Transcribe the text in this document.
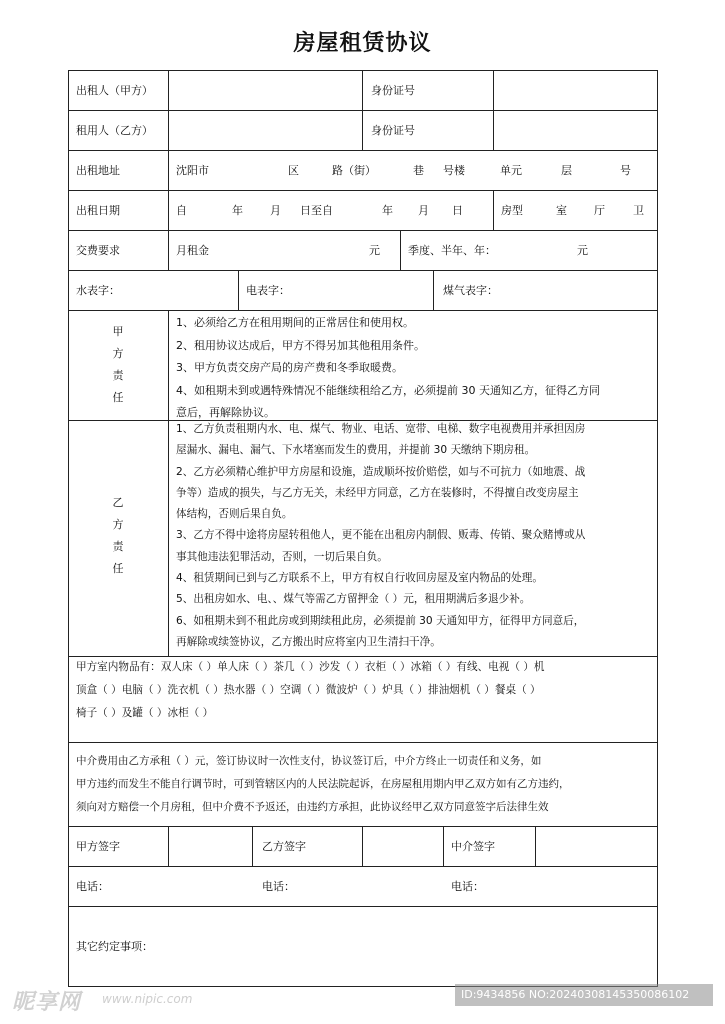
房屋租赁协议
出租人（甲方）	身份证号
租用人（乙方）	身份证号
出租地址	沈阳市	区	路（街）	巷 号楼	单元	层	号
出租日期	自	年 月 日至自	年 月 日	房型	室 厅	卫
交费要求	月租金	元	季度、半年、年：	元
水表字：	电表字：	煤气表字：
甲
方
责
任
1、必须给乙方在租用期间的正常居住和使用权。
2、租用协议达成后，甲方不得另加其他租用条件。
3、甲方负责交房产局的房产费和冬季取暖费。
4、如租期未到或遇特殊情况不能继续租给乙方，必须提前 30 天通知乙方，征得乙方同
意后，再解除协议。
乙
方
责
任
1、乙方负责租期内水、电、煤气、物业、电话、宽带、电梯、数字电视费用并承担因房
屋漏水、漏电、漏气、下水堵塞而发生的费用，并提前 30 天缴纳下期房租。
2、乙方必须精心维护甲方房屋和设施，造成顺坏按价赔偿，如与不可抗力（如地震、战
争等）造成的损失，与乙方无关，未经甲方同意，乙方在装修时，不得擅自改变房屋主
体结构，否则后果自负。
3、乙方不得中途将房屋转租他人，更不能在出租房内制假、贩毒、传销、聚众赌博或从
事其他违法犯罪活动，否则，一切后果自负。
4、租赁期间已到与乙方联系不上，甲方有权自行收回房屋及室内物品的处理。
5、出租房如水、电、、煤气等需乙方留押金（ ）元，租用期满后多退少补。
6、如租期未到不租此房或到期续租此房，必须提前 30 天通知甲方，征得甲方同意后，
再解除或续签协议，乙方搬出时应将室内卫生清扫干净。
甲方室内物品有：双人床（ ）单人床（ ）茶几（ ）沙发（ ）衣柜（ ）冰箱（ ）有线、电视（ ）机
顶盒（ ）电脑（ ）洗衣机（ ）热水器（ ）空调（ ）微波炉（ ）炉具（ ）排油烟机（ ）餐桌（ ）
椅子（ ）及罐（ ）冰柜（ ）
中介费用由乙方承租（ ）元，签订协议时一次性支付，协议签订后，中介方终止一切责任和义务，如
甲方违约而发生不能自行调节时，可到管辖区内的人民法院起诉，在房屋租用期内甲乙双方如有乙方违约，
须向对方赔偿一个月房租，但中介费不予返还，由违约方承担，此协议经甲乙双方同意签字后法律生效
甲方签字	乙方签字	中介签字
电话：	电话：	电话：
其它约定事项：
昵享网 www.nipic.com	ID:9434856 NO:20240308145350086102
